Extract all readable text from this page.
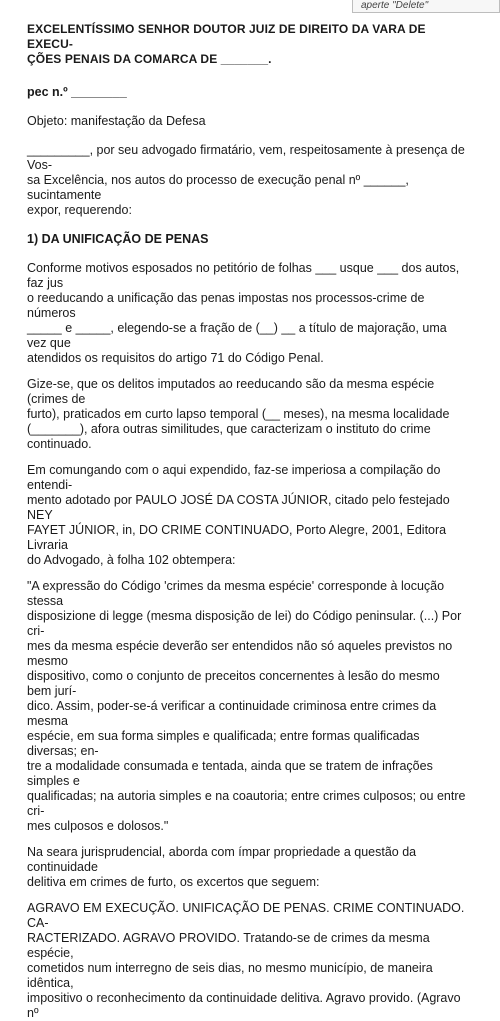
aperte "Delete"

EXCELENTÍSSIMO SENHOR DOUTOR JUIZ DE DIREITO DA VARA DE EXECU-

ÇÕES PENAIS DA COMARCA DE _______.

pec n.º ________

Objeto: manifestação da Defesa

_________, por seu advogado firmatário, vem, respeitosamente à presença de Vos-

sa Excelência, nos autos do processo de execução penal nº ______, sucintamente

expor, requerendo:

1) DA UNIFICAÇÃO DE PENAS

Conforme motivos esposados no petitório de folhas ___ usque ___ dos autos, faz jus

o reeducando a unificação das penas impostas nos processos-crime de números

_____ e _____, elegendo-se a fração de (__) __ a título de majoração, uma vez que

atendidos os requisitos do artigo 71 do Código Penal.

Gize-se, que os delitos imputados ao reeducando são da mesma espécie (crimes de

furto), praticados em curto lapso temporal (__ meses), na mesma localidade

(_______), afora outras similitudes, que caracterizam o instituto do crime continuado.

Em comungando com o aqui expendido, faz-se imperiosa a compilação do entendi-

mento adotado por PAULO JOSÉ DA COSTA JÚNIOR, citado pelo festejado NEY

FAYET JÚNIOR, in, DO CRIME CONTINUADO, Porto Alegre, 2001, Editora Livraria

do Advogado, à folha 102 obtempera:

"A expressão do Código 'crimes da mesma espécie' corresponde à locução stessa

disposizione di legge (mesma disposição de lei) do Código peninsular. (...) Por cri-

mes da mesma espécie deverão ser entendidos não só aqueles previstos no mesmo

dispositivo, como o conjunto de preceitos concernentes à lesão do mesmo bem jurí-

dico. Assim, poder-se-á verificar a continuidade criminosa entre crimes da mesma

espécie, em sua forma simples e qualificada; entre formas qualificadas diversas; en-

tre a modalidade consumada e tentada, ainda que se tratem de infrações simples e

qualificadas; na autoria simples e na coautoria; entre crimes culposos; ou entre cri-

mes culposos e dolosos."

Na seara jurisprudencial, aborda com ímpar propriedade a questão da continuidade

delitiva em crimes de furto, os excertos que seguem:

AGRAVO EM EXECUÇÃO. UNIFICAÇÃO DE PENAS. CRIME CONTINUADO. CA-

RACTERIZADO. AGRAVO PROVIDO. Tratando-se de crimes da mesma espécie,

cometidos num interregno de seis dias, no mesmo município, de maneira idêntica,

impositivo o reconhecimento da continuidade delitiva. Agravo provido. (Agravo nº
